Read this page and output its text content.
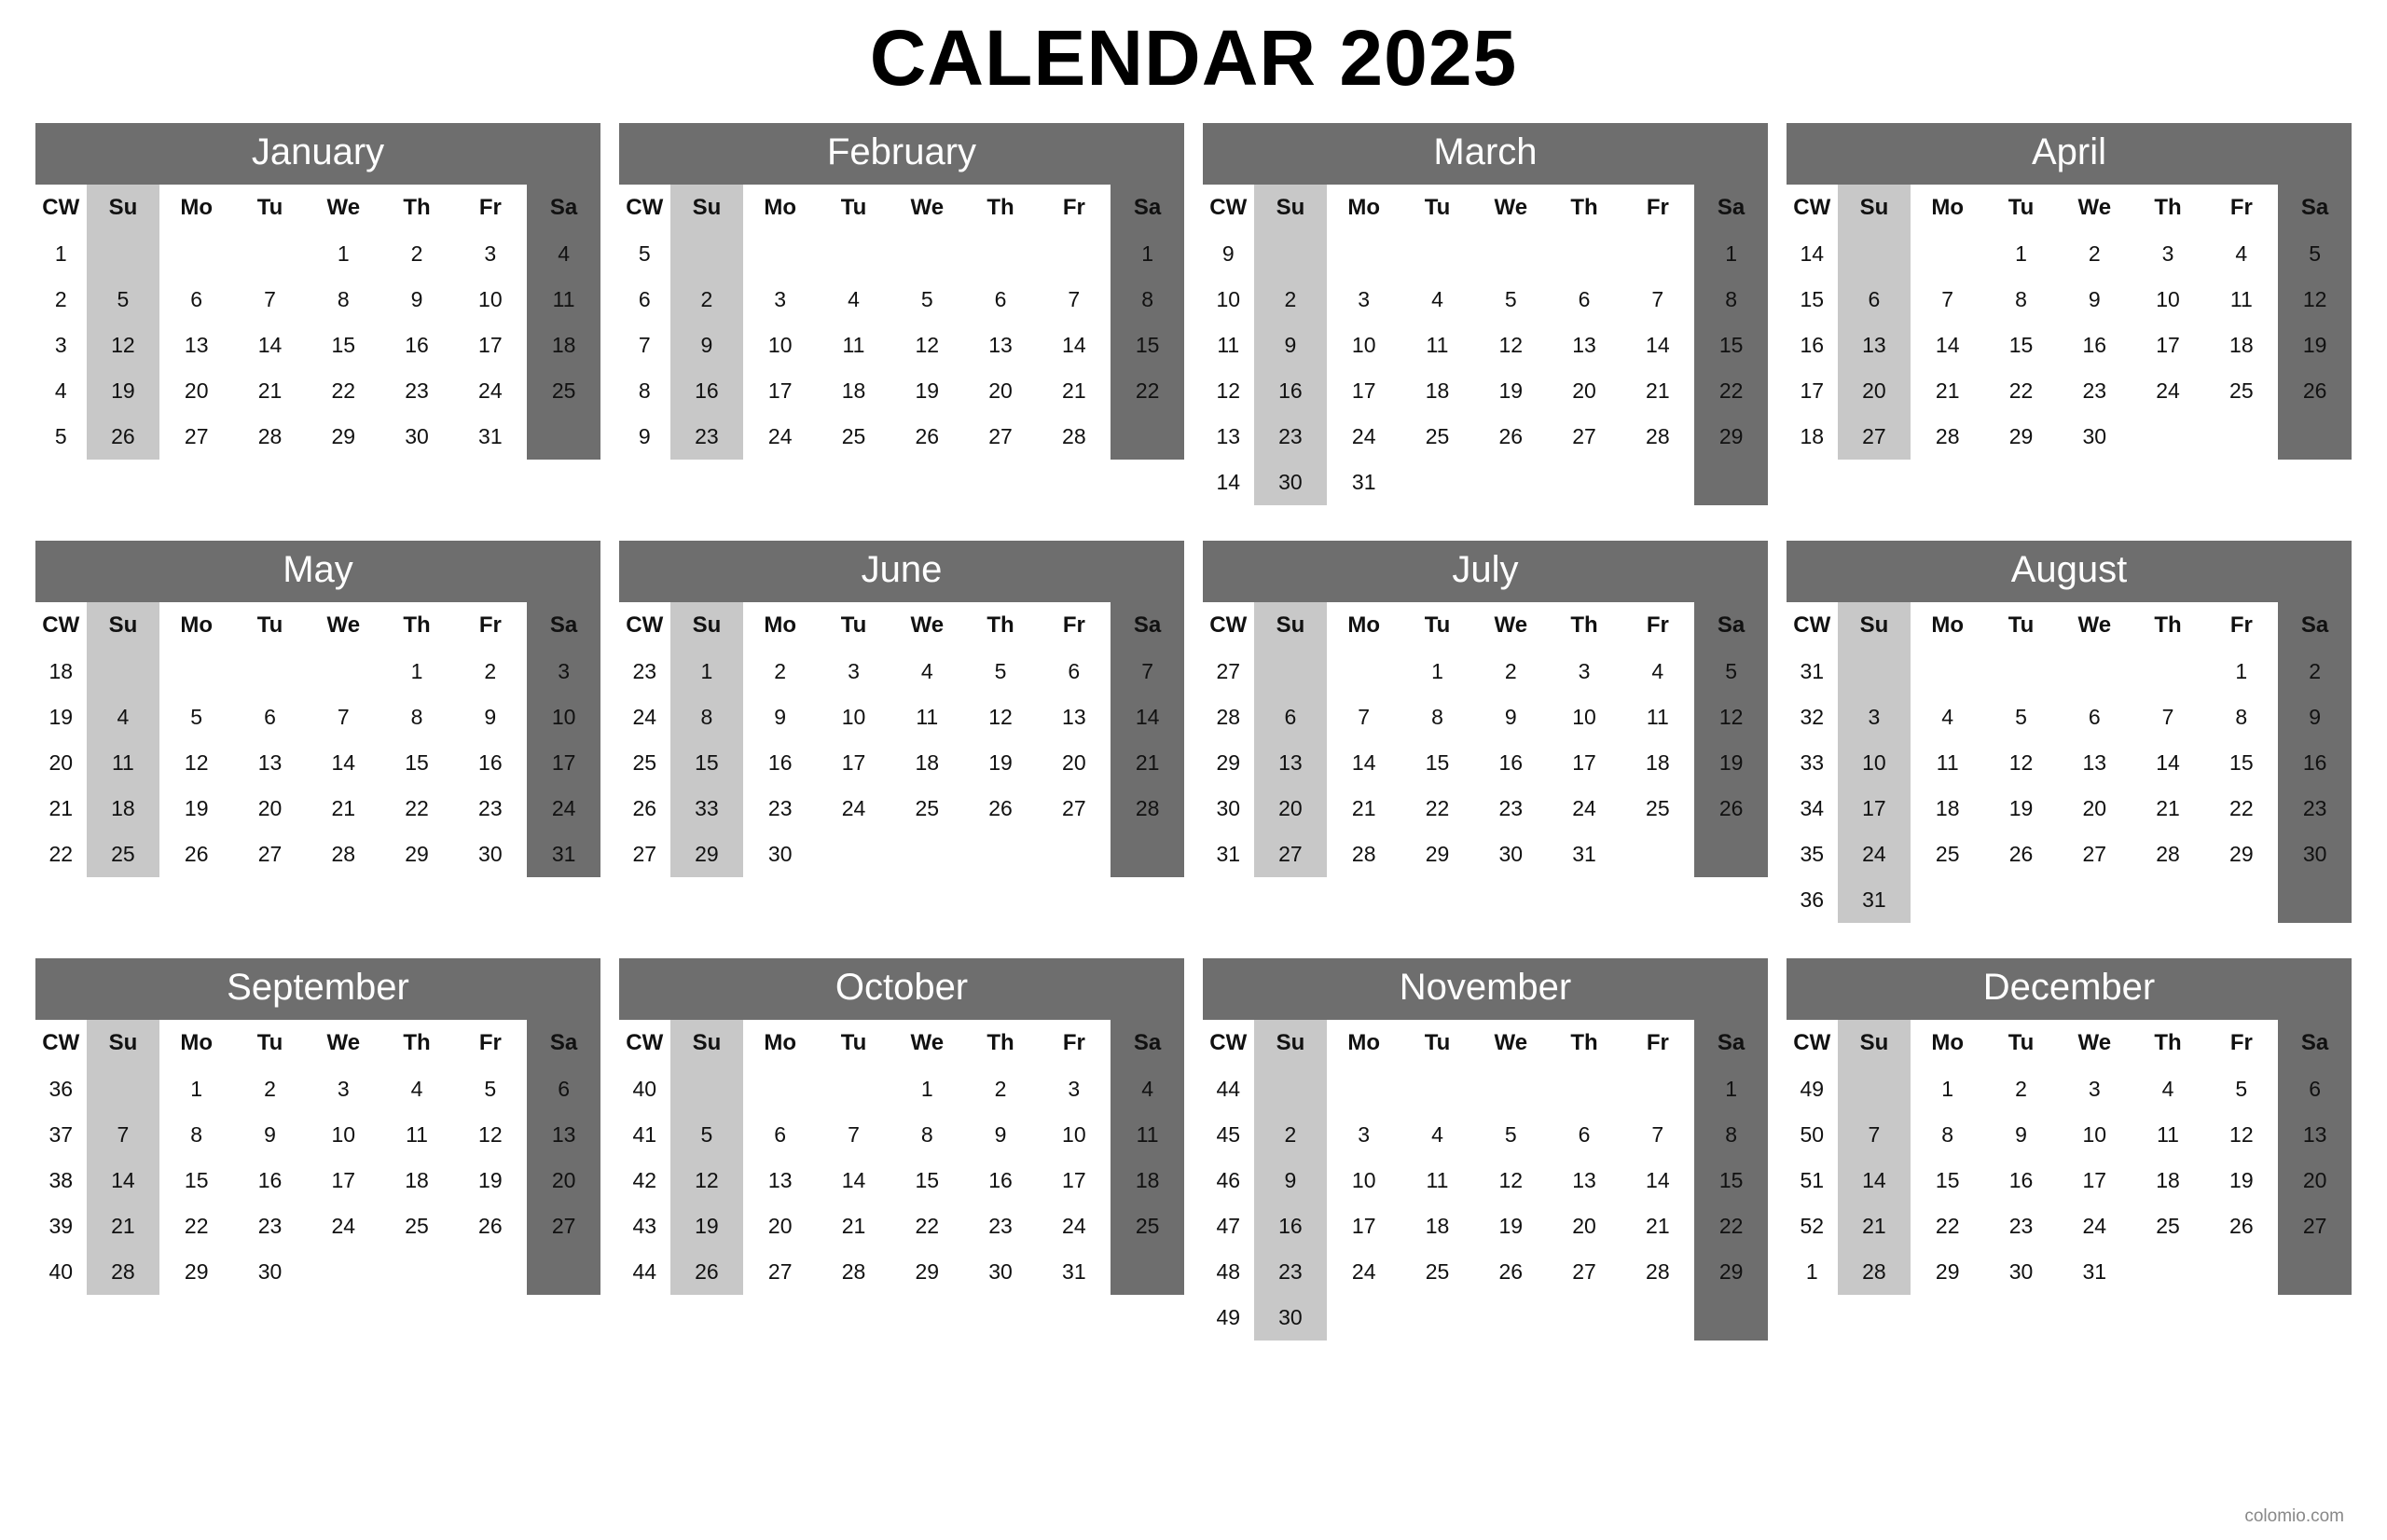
CALENDAR 2025
January
CW	Su	Mo	Tu	We	Th	Fr	Sa
1				1	2	3	4
2	5	6	7	8	9	10	11
3	12	13	14	15	16	17	18
4	19	20	21	22	23	24	25
5	26	27	28	29	30	31	
February
CW	Su	Mo	Tu	We	Th	Fr	Sa
5							1
6	2	3	4	5	6	7	8
7	9	10	11	12	13	14	15
8	16	17	18	19	20	21	22
9	23	24	25	26	27	28	
March
CW	Su	Mo	Tu	We	Th	Fr	Sa
9							1
10	2	3	4	5	6	7	8
11	9	10	11	12	13	14	15
12	16	17	18	19	20	21	22
13	23	24	25	26	27	28	29
14	30	31					
April
CW	Su	Mo	Tu	We	Th	Fr	Sa
14			1	2	3	4	5
15	6	7	8	9	10	11	12
16	13	14	15	16	17	18	19
17	20	21	22	23	24	25	26
18	27	28	29	30			
May
CW	Su	Mo	Tu	We	Th	Fr	Sa
18					1	2	3
19	4	5	6	7	8	9	10
20	11	12	13	14	15	16	17
21	18	19	20	21	22	23	24
22	25	26	27	28	29	30	31
June
CW	Su	Mo	Tu	We	Th	Fr	Sa
23	1	2	3	4	5	6	7
24	8	9	10	11	12	13	14
25	15	16	17	18	19	20	21
26	33	23	24	25	26	27	28
27	29	30					
July
CW	Su	Mo	Tu	We	Th	Fr	Sa
27			1	2	3	4	5
28	6	7	8	9	10	11	12
29	13	14	15	16	17	18	19
30	20	21	22	23	24	25	26
31	27	28	29	30	31		
August
CW	Su	Mo	Tu	We	Th	Fr	Sa
31						1	2
32	3	4	5	6	7	8	9
33	10	11	12	13	14	15	16
34	17	18	19	20	21	22	23
35	24	25	26	27	28	29	30
36	31						
September
CW	Su	Mo	Tu	We	Th	Fr	Sa
36		1	2	3	4	5	6
37	7	8	9	10	11	12	13
38	14	15	16	17	18	19	20
39	21	22	23	24	25	26	27
40	28	29	30				
October
CW	Su	Mo	Tu	We	Th	Fr	Sa
40				1	2	3	4
41	5	6	7	8	9	10	11
42	12	13	14	15	16	17	18
43	19	20	21	22	23	24	25
44	26	27	28	29	30	31	
November
CW	Su	Mo	Tu	We	Th	Fr	Sa
44							1
45	2	3	4	5	6	7	8
46	9	10	11	12	13	14	15
47	16	17	18	19	20	21	22
48	23	24	25	26	27	28	29
49	30						
December
CW	Su	Mo	Tu	We	Th	Fr	Sa
49		1	2	3	4	5	6
50	7	8	9	10	11	12	13
51	14	15	16	17	18	19	20
52	21	22	23	24	25	26	27
1	28	29	30	31			
colomio.com
